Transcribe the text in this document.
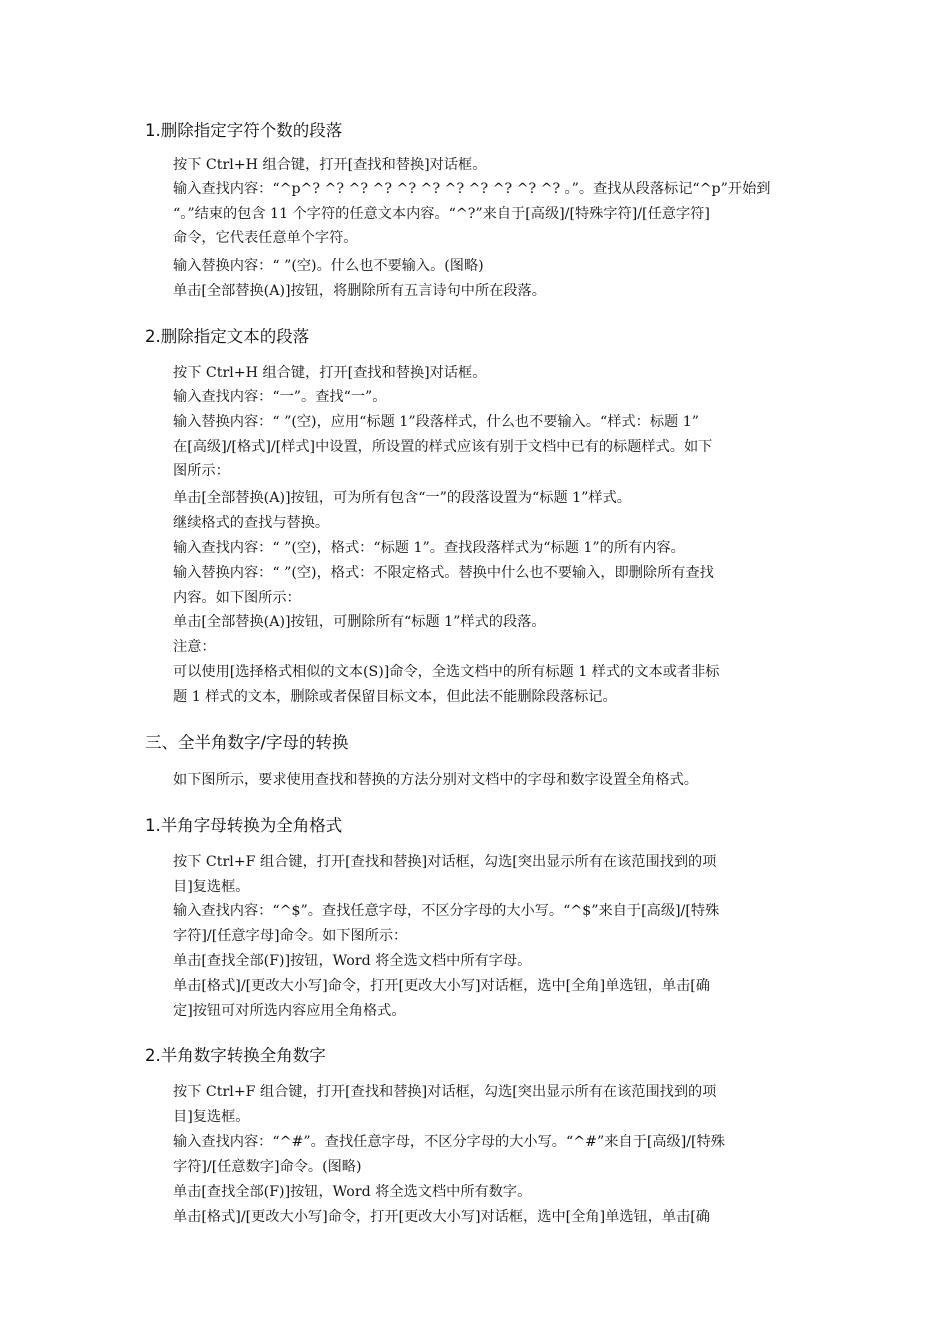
1.删除指定字符个数的段落
按下 Ctrl+H 组合键，打开[查找和替换]对话框。
输入查找内容：“^p^? ^? ^? ^? ^? ^? ^? ^? ^? ^? ^? 。”。查找从段落标记“^p”开始到
“。”结束的包含 11 个字符的任意文本内容。“^?”来自于[高级]/[特殊字符]/[任意字符]
命令，它代表任意单个字符。
输入替换内容：“ ”(空)。什么也不要输入。(图略)
单击[全部替换(A)]按钮，将删除所有五言诗句中所在段落。
2.删除指定文本的段落
按下 Ctrl+H 组合键，打开[查找和替换]对话框。
输入查找内容：“一”。查找“一”。
输入替换内容：“ ”(空)，应用“标题 1”段落样式，什么也不要输入。“样式：标题 1”
在[高级]/[格式]/[样式]中设置，所设置的样式应该有别于文档中已有的标题样式。如下
图所示：
单击[全部替换(A)]按钮，可为所有包含“一”的段落设置为“标题 1”样式。
继续格式的查找与替换。
输入查找内容：“ ”(空)，格式：“标题 1”。查找段落样式为“标题 1”的所有内容。
输入替换内容：“ ”(空)，格式：不限定格式。替换中什么也不要输入，即删除所有查找
内容。如下图所示：
单击[全部替换(A)]按钮，可删除所有“标题 1”样式的段落。
注意：
可以使用[选择格式相似的文本(S)]命令，全选文档中的所有标题 1 样式的文本或者非标
题 1 样式的文本，删除或者保留目标文本，但此法不能删除段落标记。
三、全半角数字/字母的转换
如下图所示，要求使用查找和替换的方法分别对文档中的字母和数字设置全角格式。
1.半角字母转换为全角格式
按下 Ctrl+F 组合键，打开[查找和替换]对话框，勾选[突出显示所有在该范围找到的项
目]复选框。
输入查找内容：“^$”。查找任意字母，不区分字母的大小写。“^$”来自于[高级]/[特殊
字符]/[任意字母]命令。如下图所示：
单击[查找全部(F)]按钮，Word 将全选文档中所有字母。
单击[格式]/[更改大小写]命令，打开[更改大小写]对话框，选中[全角]单选钮，单击[确
定]按钮可对所选内容应用全角格式。
2.半角数字转换全角数字
按下 Ctrl+F 组合键，打开[查找和替换]对话框，勾选[突出显示所有在该范围找到的项
目]复选框。
输入查找内容：“^#”。查找任意字母，不区分字母的大小写。“^#”来自于[高级]/[特殊
字符]/[任意数字]命令。(图略)
单击[查找全部(F)]按钮，Word 将全选文档中所有数字。
单击[格式]/[更改大小写]命令，打开[更改大小写]对话框，选中[全角]单选钮，单击[确
